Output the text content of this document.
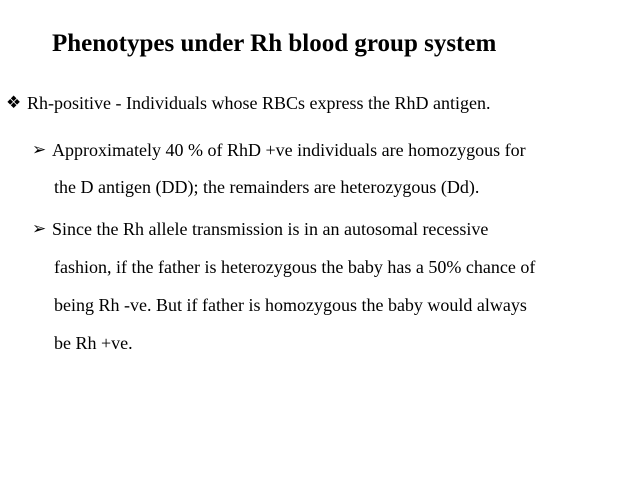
Phenotypes under Rh blood group system
❖ Rh-positive - Individuals whose RBCs express the RhD antigen.
➢ Approximately 40 % of RhD +ve individuals are homozygous for
the D antigen (DD); the remainders are heterozygous (Dd).
➢ Since the Rh allele transmission is in an autosomal recessive
fashion, if the father is heterozygous the baby has a 50% chance of
being Rh -ve. But if father is homozygous the baby would always
be Rh +ve.
